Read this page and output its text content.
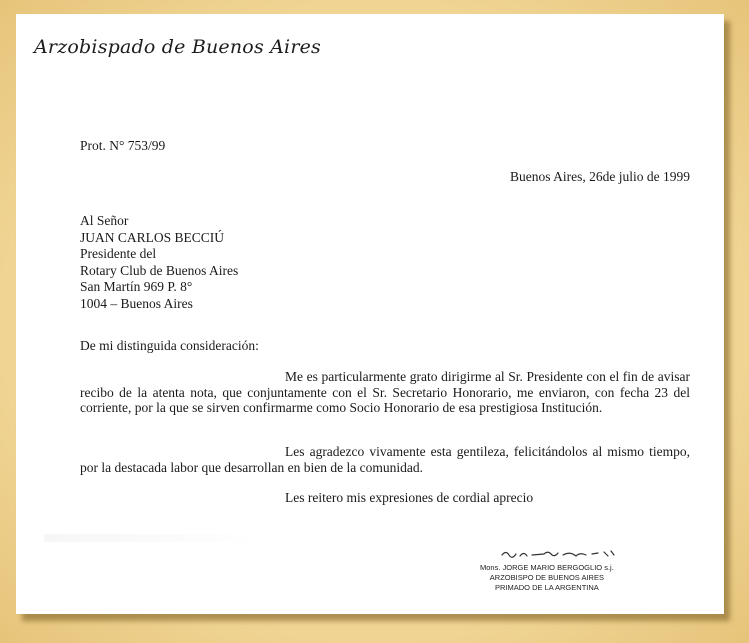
Arzobispado de Buenos Aires
Prot. N° 753/99
Buenos Aires, 26de julio de 1999
Al Señor
JUAN CARLOS BECCIÚ
Presidente del
Rotary Club de Buenos Aires
San Martín 969 P. 8°
1004 – Buenos Aires
De mi distinguida consideración:
Me es particularmente grato dirigirme al Sr. Presidente con el fin de avisar recibo de la atenta nota, que conjuntamente con el Sr. Secretario Honorario, me enviaron, con fecha 23 del corriente, por la que se sirven confirmarme como Socio Honorario de esa prestigiosa Institución.
Les agradezco vivamente esta gentileza, felicitándolos al mismo tiempo, por la destacada labor que desarrollan en bien de la comunidad.
Les reitero mis expresiones de cordial aprecio
Mons. JORGE MARIO BERGOGLIO s.j.
ARZOBISPO DE BUENOS AIRES
PRIMADO DE LA ARGENTINA
